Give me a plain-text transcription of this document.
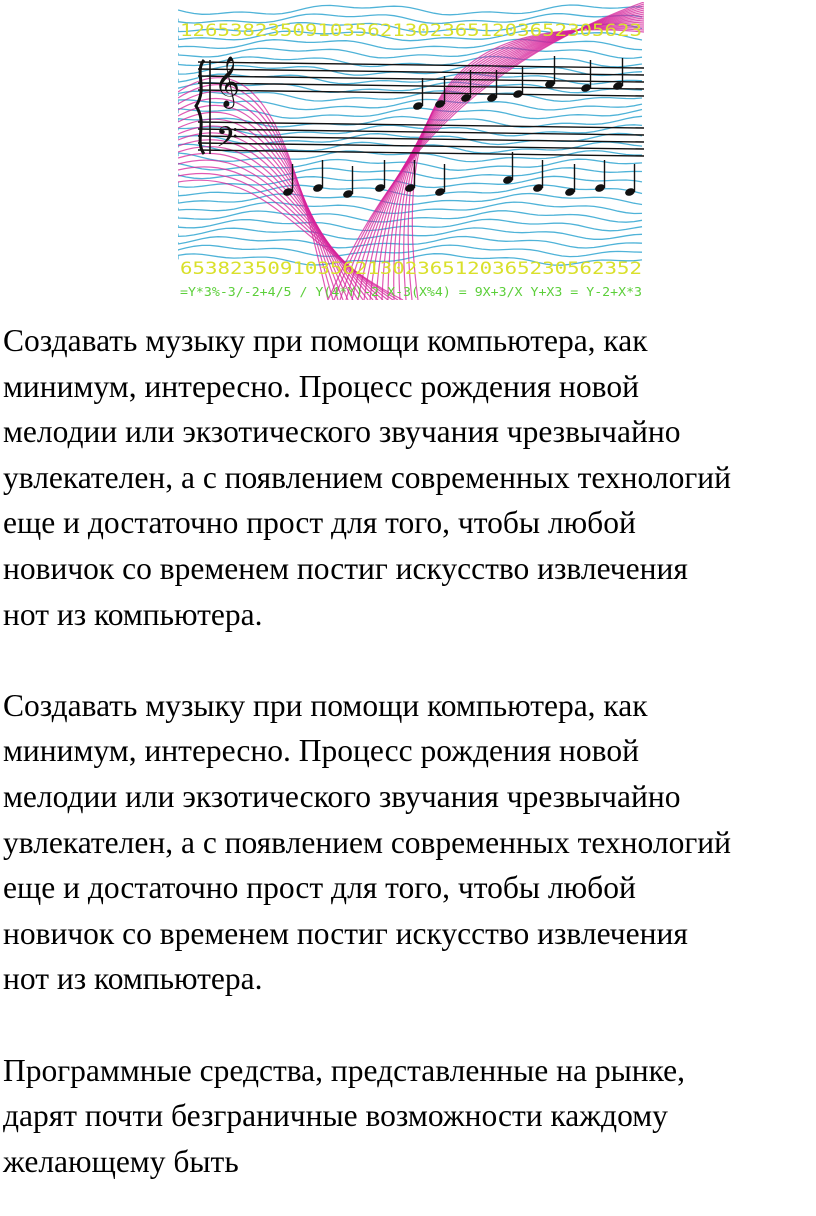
1265382350910356213023651203652305623
𝄞
𝄢
6538235091035621302365120365230562352
=Y*3%-3/-2+4/5 / Y(4*Y)-2 X-3(X%4) = 9X+3/X Y+X3 = Y-2+X*3

Создавать музыку при помощи компьютера, как
минимум, интересно. Процесс рождения новой
мелодии или экзотического звучания чрезвычайно
увлекателен, а с появлением современных технологий
еще и достаточно прост для того, чтобы любой
новичок со временем постиг искусство извлечения
нот из компьютера.

Создавать музыку при помощи компьютера, как
минимум, интересно. Процесс рождения новой
мелодии или экзотического звучания чрезвычайно
увлекателен, а с появлением современных технологий
еще и достаточно прост для того, чтобы любой
новичок со временем постиг искусство извлечения
нот из компьютера.

Программные средства, представленные на рынке,
дарят почти безграничные возможности каждому
желающему быть
